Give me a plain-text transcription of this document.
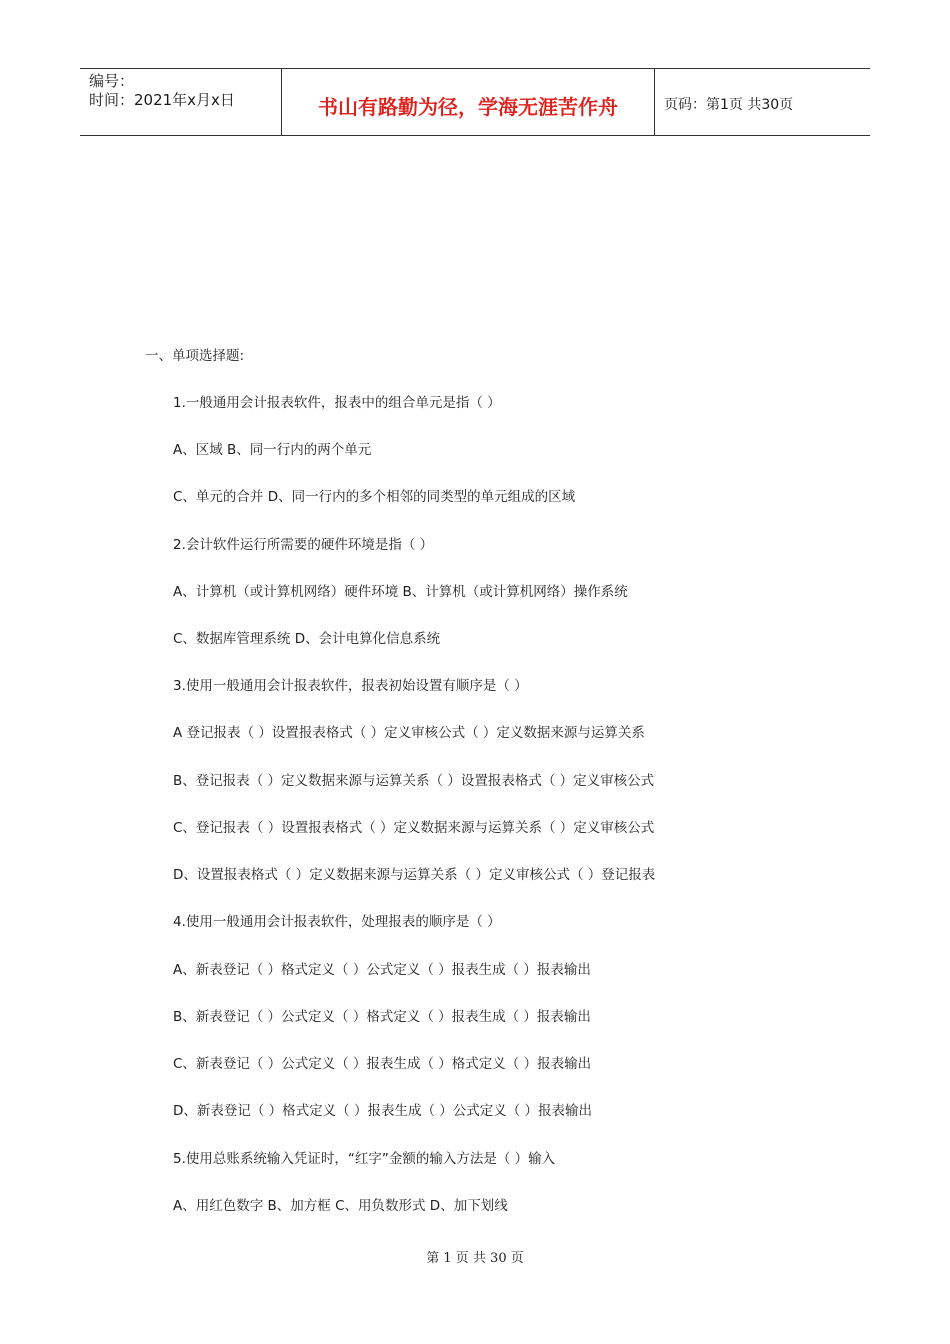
编号：
时间：2021年x月x日	书山有路勤为径，学海无涯苦作舟	页码：第1页 共30页
一、单项选择题:
1.一般通用会计报表软件，报表中的组合单元是指（ ）
A、区域 B、同一行内的两个单元
C、单元的合并 D、同一行内的多个相邻的同类型的单元组成的区域
2.会计软件运行所需要的硬件环境是指（ ）
A、计算机（或计算机网络）硬件环境 B、计算机（或计算机网络）操作系统
C、数据库管理系统 D、会计电算化信息系统
3.使用一般通用会计报表软件，报表初始设置有顺序是（ ）
A 登记报表（ ）设置报表格式（ ）定义审核公式（ ）定义数据来源与运算关系
B、登记报表（ ）定义数据来源与运算关系（ ）设置报表格式（ ）定义审核公式
C、登记报表（ ）设置报表格式（ ）定义数据来源与运算关系（ ）定义审核公式
D、设置报表格式（ ）定义数据来源与运算关系（ ）定义审核公式（ ）登记报表
4.使用一般通用会计报表软件，处理报表的顺序是（ ）
A、新表登记（ ）格式定义（ ）公式定义（ ）报表生成（ ）报表输出
B、新表登记（ ）公式定义（ ）格式定义（ ）报表生成（ ）报表输出
C、新表登记（ ）公式定义（ ）报表生成（ ）格式定义（ ）报表输出
D、新表登记（ ）格式定义（ ）报表生成（ ）公式定义（ ）报表输出
5.使用总账系统输入凭证时，“红字”金额的输入方法是（ ）输入
A、用红色数字 B、加方框 C、用负数形式 D、加下划线
第 1 页 共 30 页
